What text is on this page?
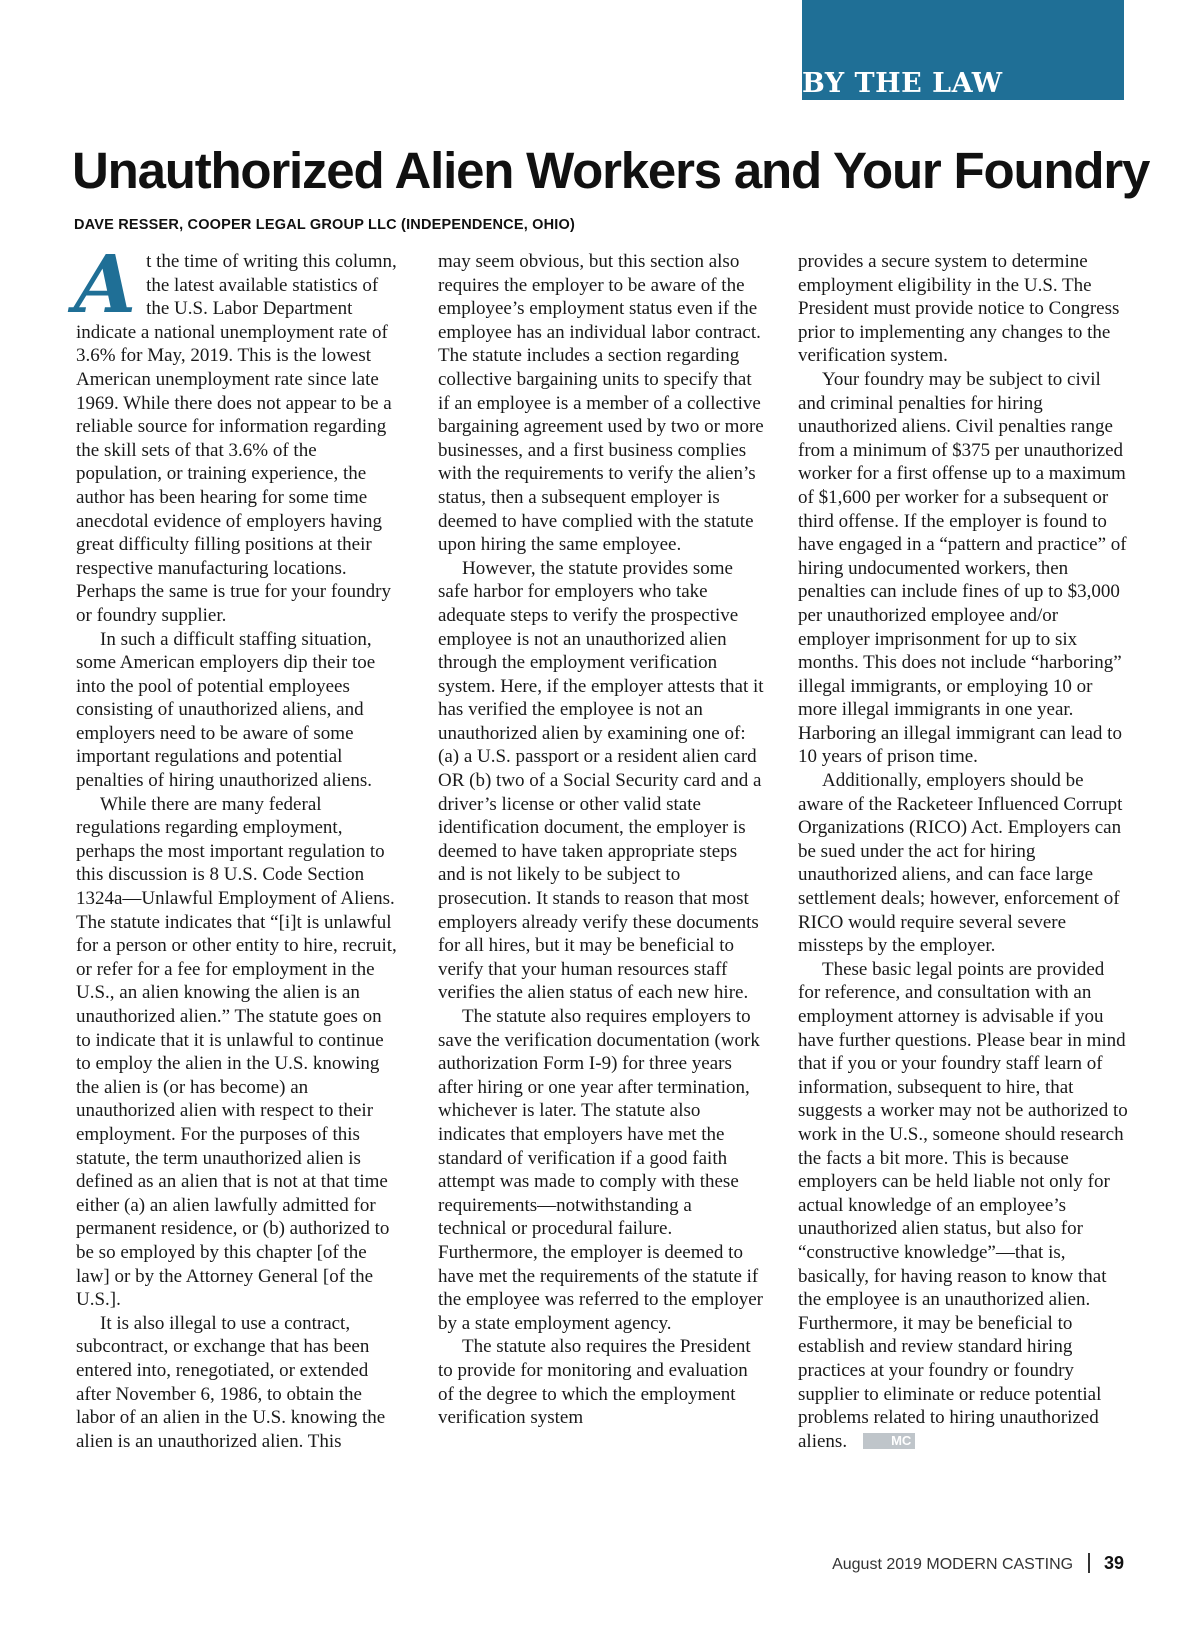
BY THE LAW
Unauthorized Alien Workers and Your Foundry
DAVE RESSER, COOPER LEGAL GROUP LLC (INDEPENDENCE, OHIO)

At the time of writing this column, the latest available statistics of the U.S. Labor Department indicate a national unemployment rate of 3.6% for May, 2019. This is the lowest American unemployment rate since late 1969. While there does not appear to be a reliable source for information regarding the skill sets of that 3.6% of the population, or training experience, the author has been hearing for some time anecdotal evidence of employers having great difficulty filling positions at their respective manufacturing locations. Perhaps the same is true for your foundry or foundry supplier.

In such a difficult staffing situation, some American employers dip their toe into the pool of potential employees consisting of unauthorized aliens, and employers need to be aware of some important regulations and potential penalties of hiring unauthorized aliens.

While there are many federal regulations regarding employment, perhaps the most important regulation to this discussion is 8 U.S. Code Section 1324a—Unlawful Employment of Aliens. The statute indicates that “[i]t is unlawful for a person or other entity to hire, recruit, or refer for a fee for employment in the U.S., an alien knowing the alien is an unauthorized alien.” The statute goes on to indicate that it is unlawful to continue to employ the alien in the U.S. knowing the alien is (or has become) an unauthorized alien with respect to their employment. For the purposes of this statute, the term unauthorized alien is defined as an alien that is not at that time either (a) an alien lawfully admitted for permanent residence, or (b) authorized to be so employed by this chapter [of the law] or by the Attorney General [of the U.S.].

It is also illegal to use a contract, subcontract, or exchange that has been entered into, renegotiated, or extended after November 6, 1986, to obtain the labor of an alien in the U.S. knowing the alien is an unauthorized alien. This

may seem obvious, but this section also requires the employer to be aware of the employee’s employment status even if the employee has an individual labor contract. The statute includes a section regarding collective bargaining units to specify that if an employee is a member of a collective bargaining agreement used by two or more businesses, and a first business complies with the requirements to verify the alien’s status, then a subsequent employer is deemed to have complied with the statute upon hiring the same employee.

However, the statute provides some safe harbor for employers who take adequate steps to verify the prospective employee is not an unauthorized alien through the employment verification system. Here, if the employer attests that it has verified the employee is not an unauthorized alien by examining one of: (a) a U.S. passport or a resident alien card OR (b) two of a Social Security card and a driver’s license or other valid state identification document, the employer is deemed to have taken appropriate steps and is not likely to be subject to prosecution. It stands to reason that most employers already verify these documents for all hires, but it may be beneficial to verify that your human resources staff verifies the alien status of each new hire.

The statute also requires employers to save the verification documentation (work authorization Form I-9) for three years after hiring or one year after termination, whichever is later. The statute also indicates that employers have met the standard of verification if a good faith attempt was made to comply with these requirements—notwithstanding a technical or procedural failure. Furthermore, the employer is deemed to have met the requirements of the statute if the employee was referred to the employer by a state employment agency.

The statute also requires the President to provide for monitoring and evaluation of the degree to which the employment verification system

provides a secure system to determine employment eligibility in the U.S. The President must provide notice to Congress prior to implementing any changes to the verification system.

Your foundry may be subject to civil and criminal penalties for hiring unauthorized aliens. Civil penalties range from a minimum of $375 per unauthorized worker for a first offense up to a maximum of $1,600 per worker for a subsequent or third offense. If the employer is found to have engaged in a “pattern and practice” of hiring undocumented workers, then penalties can include fines of up to $3,000 per unauthorized employee and/or employer imprisonment for up to six months. This does not include “harboring” illegal immigrants, or employing 10 or more illegal immigrants in one year. Harboring an illegal immigrant can lead to 10 years of prison time.

Additionally, employers should be aware of the Racketeer Influenced Corrupt Organizations (RICO) Act. Employers can be sued under the act for hiring unauthorized aliens, and can face large settlement deals; however, enforcement of RICO would require several severe missteps by the employer.

These basic legal points are provided for reference, and consultation with an employment attorney is advisable if you have further questions. Please bear in mind that if you or your foundry staff learn of information, subsequent to hire, that suggests a worker may not be authorized to work in the U.S., someone should research the facts a bit more. This is because employers can be held liable not only for actual knowledge of an employee’s unauthorized alien status, but also for “constructive knowledge”—that is, basically, for having reason to know that the employee is an unauthorized alien. Furthermore, it may be beneficial to establish and review standard hiring practices at your foundry or foundry supplier to eliminate or reduce potential problems related to hiring unauthorized aliens.	MC

August 2019 MODERN CASTING 39
